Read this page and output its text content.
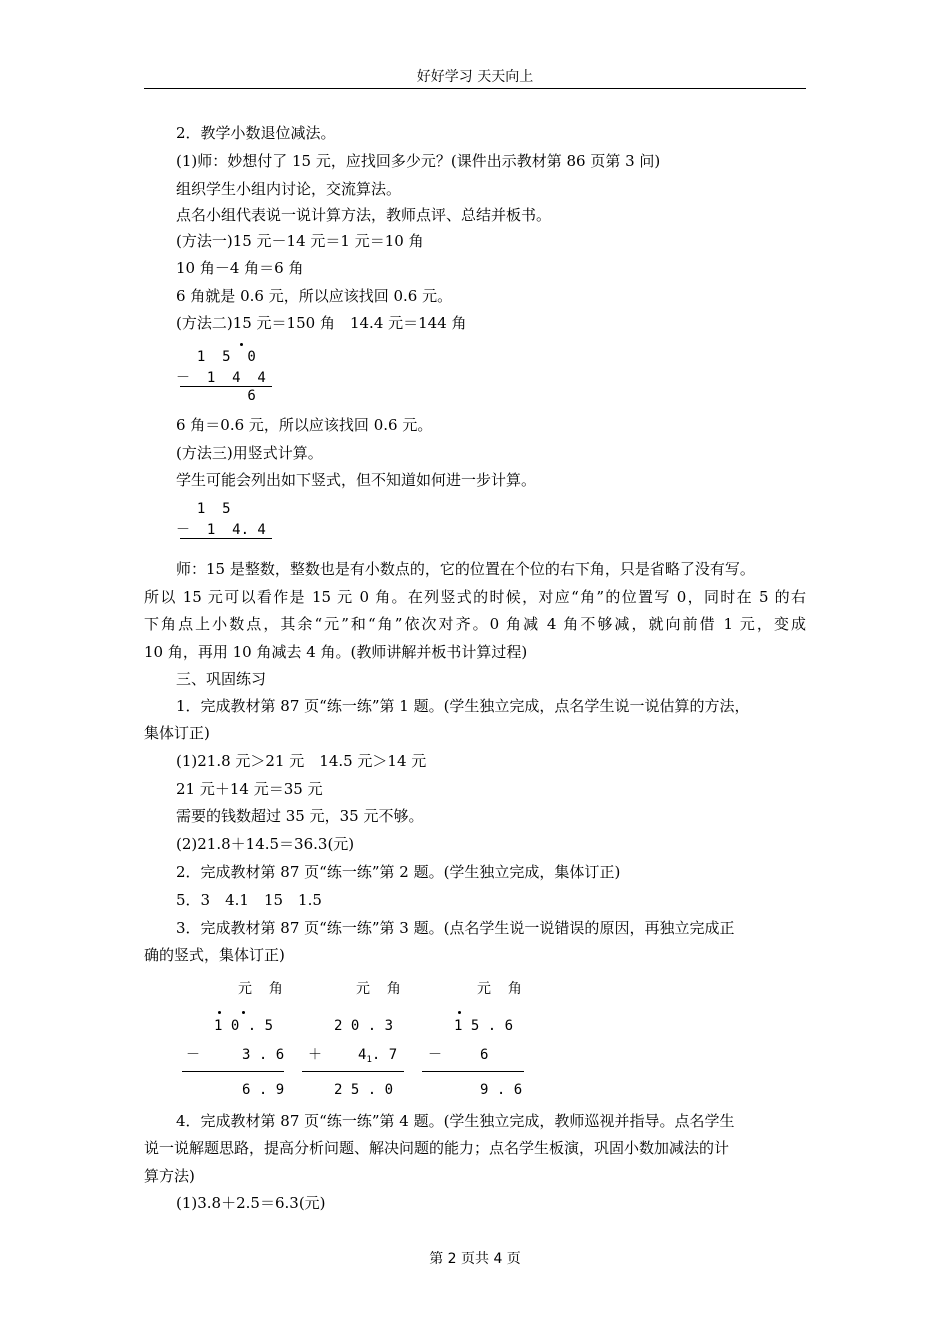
好好学习 天天向上
2．教学小数退位减法。
(1)师：妙想付了 15 元，应找回多少元？(课件出示教材第 86 页第 3 问)
组织学生小组内讨论，交流算法。
点名小组代表说一说计算方法，教师点评、总结并板书。
(方法一)15 元－14 元＝1 元＝10 角
10 角－4 角＝6 角
6 角就是 0.6 元，所以应该找回 0.6 元。
(方法二)15 元＝150 角　14.4 元＝144 角
1  5  0
－  1  4  4
6
6 角＝0.6 元，所以应该找回 0.6 元。
(方法三)用竖式计算。
学生可能会列出如下竖式，但不知道如何进一步计算。
1  5
－  1  4. 4
师：15 是整数，整数也是有小数点的，它的位置在个位的右下角，只是省略了没有写。
所以 15 元可以看作是 15 元 0 角。在列竖式的时候，对应“角”的位置写 0，同时在 5 的右
下角点上小数点，其余“元”和“角”依次对齐。0 角减 4 角不够减，就向前借 1 元，变成
10 角，再用 10 角减去 4 角。(教师讲解并板书计算过程)
三、巩固练习
1．完成教材第 87 页“练一练”第 1 题。(学生独立完成，点名学生说一说估算的方法，
集体订正)
(1)21.8 元＞21 元　14.5 元＞14 元
21 元＋14 元＝35 元
需要的钱数超过 35 元，35 元不够。
(2)21.8＋14.5＝36.3(元)
2．完成教材第 87 页“练一练”第 2 题。(学生独立完成，集体订正)
5．3　4.1　15　1.5
3．完成教材第 87 页“练一练”第 3 题。(点名学生说一说错误的原因，再独立完成正
确的竖式，集体订正)
元  角	元  角	元  角
1 0 . 5	2 0 . 3	1 5 . 6
－	3 . 6 ＋	$4_1$. 7 －	6
6 . 9	2 5 . 0	9 . 6
4．完成教材第 87 页“练一练”第 4 题。(学生独立完成，教师巡视并指导。点名学生
说一说解题思路，提高分析问题、解决问题的能力；点名学生板演，巩固小数加减法的计
算方法)
(1)3.8＋2.5＝6.3(元)
第 2 页共 4 页
